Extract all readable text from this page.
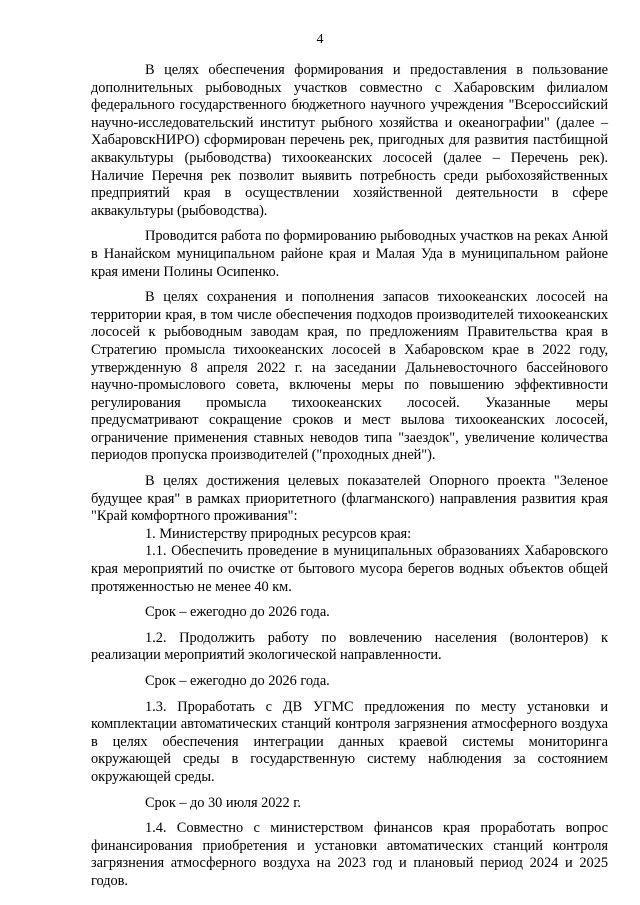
4

В целях обеспечения формирования и предоставления в пользование дополнительных рыбоводных участков совместно с Хабаровским филиалом федерального государственного бюджетного научного учреждения "Всероссийский научно-исследовательский институт рыбного хозяйства и океанографии" (далее – ХабаровскНИРО) сформирован перечень рек, пригодных для развития пастбищной аквакультуры (рыбоводства) тихоокеанских лососей (далее – Перечень рек). Наличие Перечня рек позволит выявить потребность среди рыбохозяйственных предприятий края в осуществлении хозяйственной деятельности в сфере аквакультуры (рыбоводства).

Проводится работа по формированию рыбоводных участков на реках Анюй в Нанайском муниципальном районе края и Малая Уда в муниципальном районе края имени Полины Осипенко.

В целях сохранения и пополнения запасов тихоокеанских лососей на территории края, в том числе обеспечения подходов производителей тихоокеанских лососей к рыбоводным заводам края, по предложениям Правительства края в Стратегию промысла тихоокеанских лососей в Хабаровском крае в 2022 году, утвержденную 8 апреля 2022 г. на заседании Дальневосточного бассейнового научно-промыслового совета, включены меры по повышению эффективности регулирования промысла тихоокеанских лососей. Указанные меры предусматривают сокращение сроков и мест вылова тихоокеанских лососей, ограничение применения ставных неводов типа "заездок", увеличение количества периодов пропуска производителей ("проходных дней").

В целях достижения целевых показателей Опорного проекта "Зеленое будущее края" в рамках приоритетного (флагманского) направления развития края "Край комфортного проживания":

1. Министерству природных ресурсов края:

1.1. Обеспечить проведение в муниципальных образованиях Хабаровского края мероприятий по очистке от бытового мусора берегов водных объектов общей протяженностью не менее 40 км.

Срок – ежегодно до 2026 года.

1.2. Продолжить работу по вовлечению населения (волонтеров) к реализации мероприятий экологической направленности.

Срок – ежегодно до 2026 года.

1.3. Проработать с ДВ УГМС предложения по месту установки и комплектации автоматических станций контроля загрязнения атмосферного воздуха в целях обеспечения интеграции данных краевой системы мониторинга окружающей среды в государственную систему наблюдения за состоянием окружающей среды.

Срок – до 30 июля 2022 г.

1.4. Совместно с министерством финансов края проработать вопрос финансирования приобретения и установки автоматических станций контроля загрязнения атмосферного воздуха на 2023 год и плановый период 2024 и 2025 годов.
